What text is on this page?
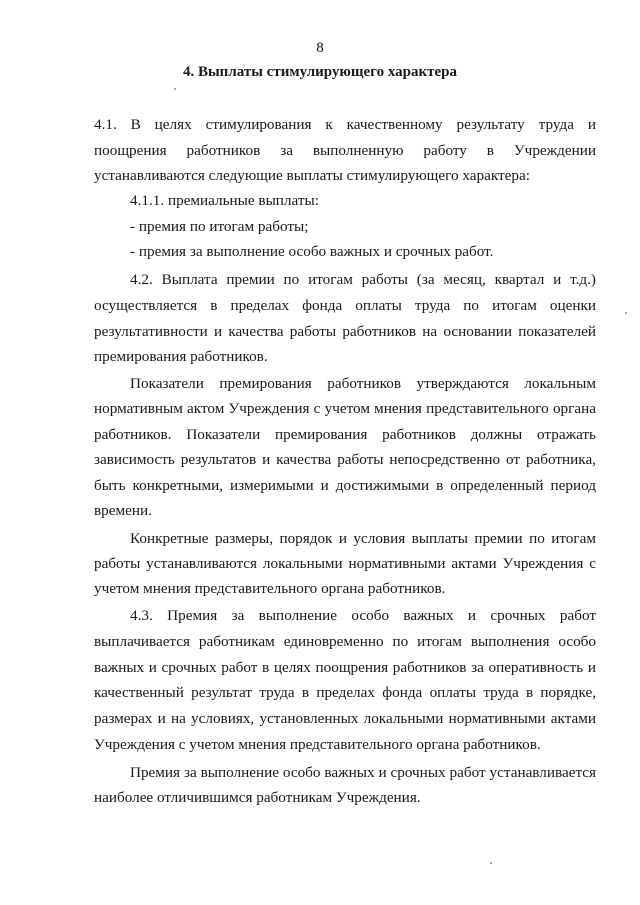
8
4. Выплаты стимулирующего характера

4.1. В целях стимулирования к качественному результату труда и

поощрения работников за выполненную работу в Учреждении

устанавливаются следующие выплаты стимулирующего характера:

4.1.1. премиальные выплаты:

- премия по итогам работы;

- премия за выполнение особо важных и срочных работ.

4.2. Выплата премии по итогам работы (за месяц, квартал и т.д.)

осуществляется в пределах фонда оплаты труда по итогам оценки

результативности и качества работы работников на основании показателей

премирования работников.

Показатели премирования работников утверждаются локальным

нормативным актом Учреждения с учетом мнения представительного органа

работников. Показатели премирования работников должны отражать

зависимость результатов и качества работы непосредственно от работника,

быть конкретными, измеримыми и достижимыми в определенный период

времени.

Конкретные размеры, порядок и условия выплаты премии по итогам

работы устанавливаются локальными нормативными актами Учреждения с

учетом мнения представительного органа работников.

4.3. Премия за выполнение особо важных и срочных работ

выплачивается работникам единовременно по итогам выполнения особо

важных и срочных работ в целях поощрения работников за оперативность и

качественный результат труда в пределах фонда оплаты труда в порядке,

размерах и на условиях, установленных локальными нормативными актами

Учреждения с учетом мнения представительного органа работников.

Премия за выполнение особо важных и срочных работ устанавливается

наиболее отличившимся работникам Учреждения.
